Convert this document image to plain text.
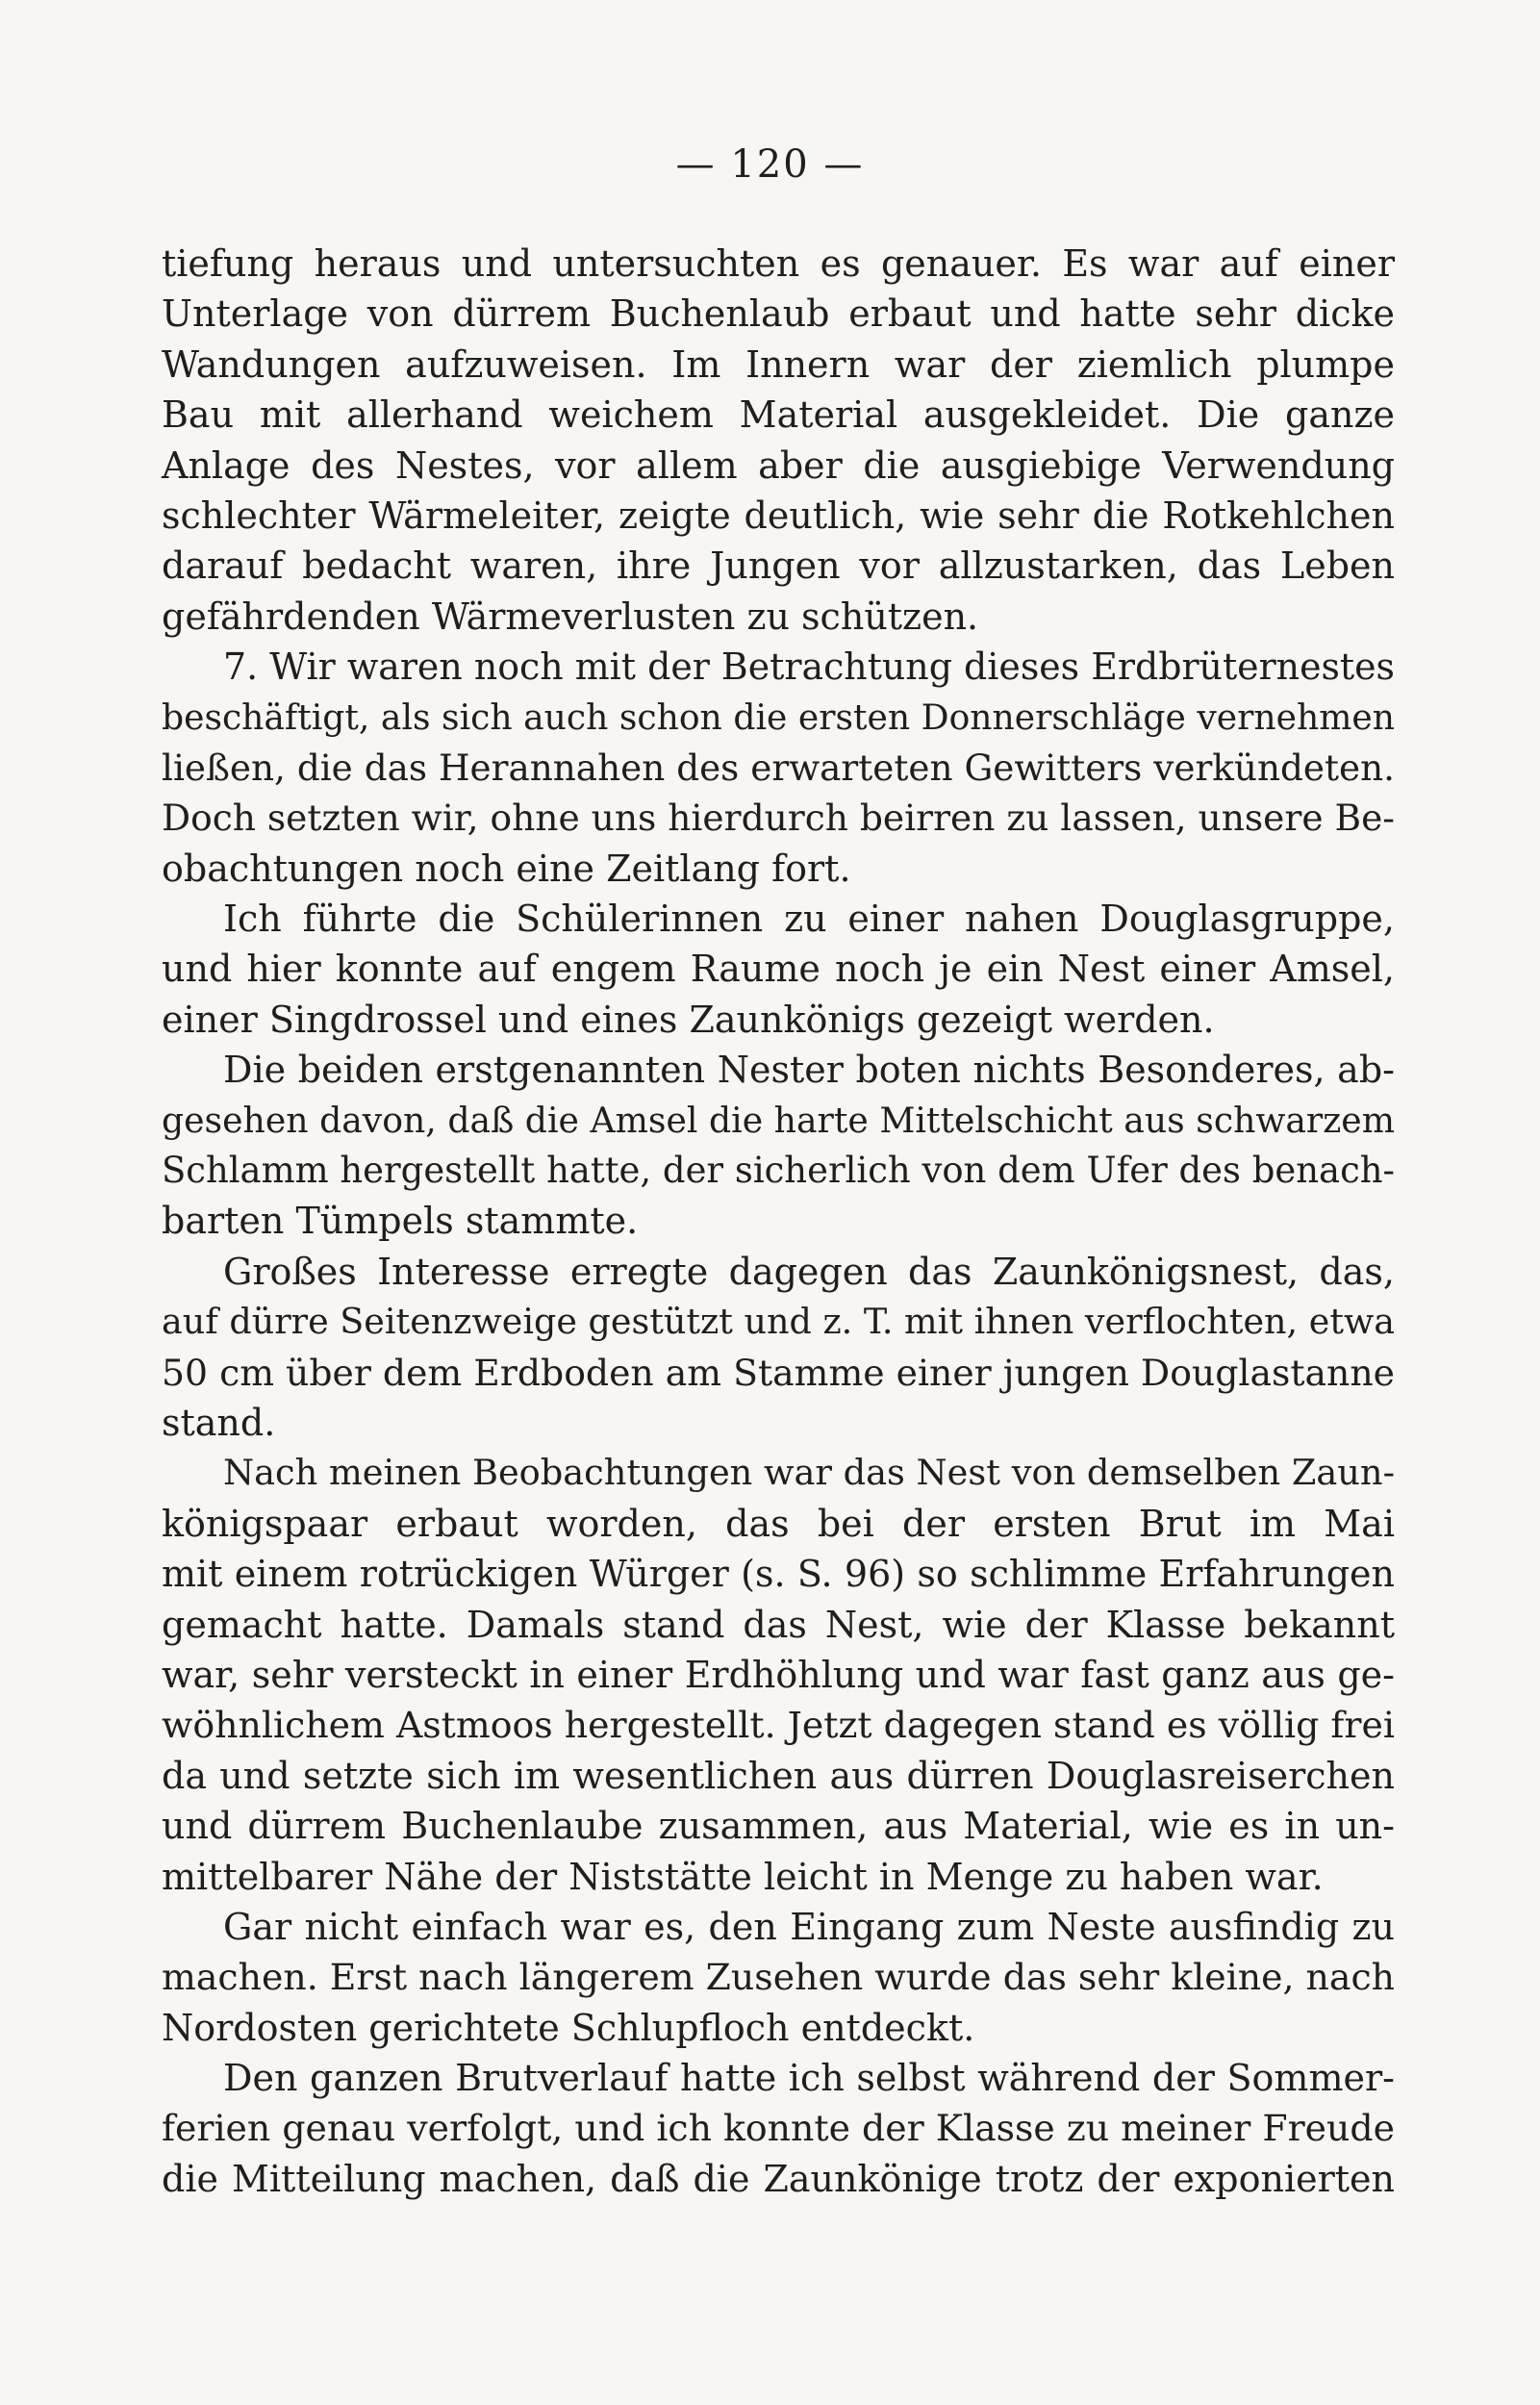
— 120 —
tiefung heraus und untersuchten es genauer. Es war auf einer
Unterlage von dürrem Buchenlaub erbaut und hatte sehr dicke
Wandungen aufzuweisen. Im Innern war der ziemlich plumpe
Bau mit allerhand weichem Material ausgekleidet. Die ganze
Anlage des Nestes, vor allem aber die ausgiebige Verwendung
schlechter Wärmeleiter, zeigte deutlich, wie sehr die Rotkehlchen
darauf bedacht waren, ihre Jungen vor allzustarken, das Leben
gefährdenden Wärmeverlusten zu schützen.
7. Wir waren noch mit der Betrachtung dieses Erdbrüternestes
beschäftigt, als sich auch schon die ersten Donnerschläge vernehmen
ließen, die das Herannahen des erwarteten Gewitters verkündeten.
Doch setzten wir, ohne uns hierdurch beirren zu lassen, unsere Be-
obachtungen noch eine Zeitlang fort.
Ich führte die Schülerinnen zu einer nahen Douglasgruppe,
und hier konnte auf engem Raume noch je ein Nest einer Amsel,
einer Singdrossel und eines Zaunkönigs gezeigt werden.
Die beiden erstgenannten Nester boten nichts Besonderes, ab-
gesehen davon, daß die Amsel die harte Mittelschicht aus schwarzem
Schlamm hergestellt hatte, der sicherlich von dem Ufer des benach-
barten Tümpels stammte.
Großes Interesse erregte dagegen das Zaunkönigsnest, das,
auf dürre Seitenzweige gestützt und z. T. mit ihnen verflochten, etwa
50 cm über dem Erdboden am Stamme einer jungen Douglastanne
stand.
Nach meinen Beobachtungen war das Nest von demselben Zaun-
königspaar erbaut worden, das bei der ersten Brut im Mai
mit einem rotrückigen Würger (s. S. 96) so schlimme Erfahrungen
gemacht hatte. Damals stand das Nest, wie der Klasse bekannt
war, sehr versteckt in einer Erdhöhlung und war fast ganz aus ge-
wöhnlichem Astmoos hergestellt. Jetzt dagegen stand es völlig frei
da und setzte sich im wesentlichen aus dürren Douglasreiserchen
und dürrem Buchenlaube zusammen, aus Material, wie es in un-
mittelbarer Nähe der Niststätte leicht in Menge zu haben war.
Gar nicht einfach war es, den Eingang zum Neste ausfindig zu
machen. Erst nach längerem Zusehen wurde das sehr kleine, nach
Nordosten gerichtete Schlupfloch entdeckt.
Den ganzen Brutverlauf hatte ich selbst während der Sommer-
ferien genau verfolgt, und ich konnte der Klasse zu meiner Freude
die Mitteilung machen, daß die Zaunkönige trotz der exponierten
